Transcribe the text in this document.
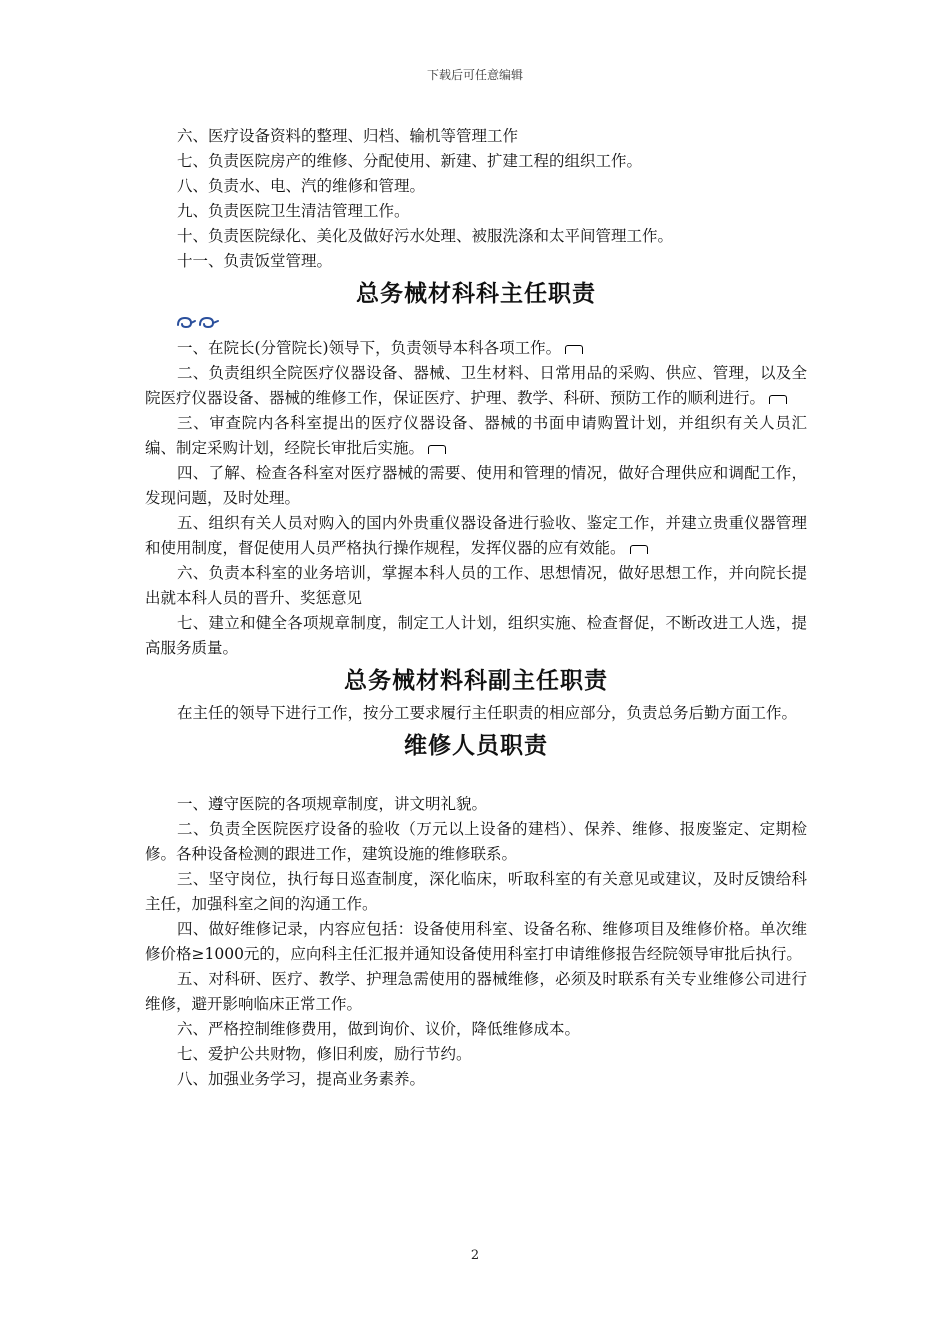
下载后可任意编辑

六、医疗设备资料的整理、归档、输机等管理工作

七、负责医院房产的维修、分配使用、新建、扩建工程的组织工作。

八、负责水、电、汽的维修和管理。

九、负责医院卫生清洁管理工作。

十、负责医院绿化、美化及做好污水处理、被服洗涤和太平间管理工作。

十一、负责饭堂管理。

总务械材科科主任职责

一、在院长(分管院长)领导下，负责领导本科各项工作。

二、负责组织全院医疗仪器设备、器械、卫生材料、日常用品的采购、供应、管理，以及全院医疗仪器设备、器械的维修工作，保证医疗、护理、教学、科研、预防工作的顺利进行。

三、审查院内各科室提出的医疗仪器设备、器械的书面申请购置计划，并组织有关人员汇编、制定采购计划，经院长审批后实施。

四、了解、检查各科室对医疗器械的需要、使用和管理的情况，做好合理供应和调配工作，发现问题，及时处理。

五、组织有关人员对购入的国内外贵重仪器设备进行验收、鉴定工作，并建立贵重仪器管理和使用制度，督促使用人员严格执行操作规程，发挥仪器的应有效能。

六、负责本科室的业务培训，掌握本科人员的工作、思想情况，做好思想工作，并向院长提出就本科人员的晋升、奖惩意见

七、建立和健全各项规章制度，制定工人计划，组织实施、检查督促，不断改进工人选，提高服务质量。

总务械材料科副主任职责

在主任的领导下进行工作，按分工要求履行主任职责的相应部分，负责总务后勤方面工作。

维修人员职责

一、遵守医院的各项规章制度，讲文明礼貌。

二、负责全医院医疗设备的验收（万元以上设备的建档）、保养、维修、报废鉴定、定期检修。各种设备检测的跟进工作，建筑设施的维修联系。

三、坚守岗位，执行每日巡查制度，深化临床，听取科室的有关意见或建议，及时反馈给科主任，加强科室之间的沟通工作。

四、做好维修记录，内容应包括：设备使用科室、设备名称、维修项目及维修价格。单次维修价格≥1000元的，应向科主任汇报并通知设备使用科室打申请维修报告经院领导审批后执行。

五、对科研、医疗、教学、护理急需使用的器械维修，必须及时联系有关专业维修公司进行维修，避开影响临床正常工作。

六、严格控制维修费用，做到询价、议价，降低维修成本。

七、爱护公共财物，修旧利废，励行节约。

八、加强业务学习，提高业务素养。

2
